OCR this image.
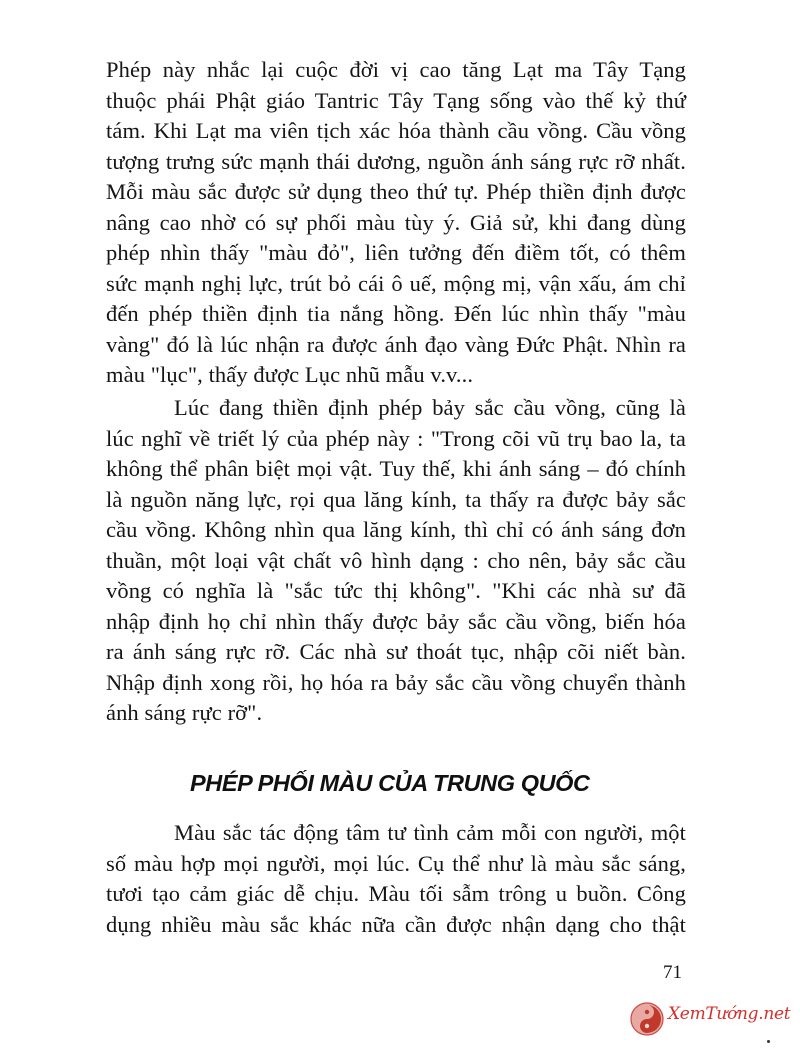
Phép này nhắc lại cuộc đời vị cao tăng Lạt ma Tây Tạng
thuộc phái Phật giáo Tantric Tây Tạng sống vào thế kỷ thứ
tám. Khi Lạt ma viên tịch xác hóa thành cầu vồng. Cầu vồng
tượng trưng sức mạnh thái dương, nguồn ánh sáng rực rỡ nhất.
Mỗi màu sắc được sử dụng theo thứ tự. Phép thiền định được
nâng cao nhờ có sự phối màu tùy ý. Giả sử, khi đang dùng
phép nhìn thấy "màu đỏ", liên tưởng đến điềm tốt, có thêm
sức mạnh nghị lực, trút bỏ cái ô uế, mộng mị, vận xấu, ám chỉ
đến phép thiền định tia nắng hồng. Đến lúc nhìn thấy "màu
vàng" đó là lúc nhận ra được ánh đạo vàng Đức Phật. Nhìn ra
màu "lục", thấy được Lục nhũ mẫu v.v...
Lúc đang thiền định phép bảy sắc cầu vồng, cũng là
lúc nghĩ về triết lý của phép này : "Trong cõi vũ trụ bao la, ta
không thể phân biệt mọi vật. Tuy thế, khi ánh sáng – đó chính
là nguồn năng lực, rọi qua lăng kính, ta thấy ra được bảy sắc
cầu vồng. Không nhìn qua lăng kính, thì chỉ có ánh sáng đơn
thuần, một loại vật chất vô hình dạng : cho nên, bảy sắc cầu
vồng có nghĩa là "sắc tức thị không". "Khi các nhà sư đã
nhập định họ chỉ nhìn thấy được bảy sắc cầu vồng, biến hóa
ra ánh sáng rực rỡ. Các nhà sư thoát tục, nhập cõi niết bàn.
Nhập định xong rồi, họ hóa ra bảy sắc cầu vồng chuyển thành
ánh sáng rực rỡ".
PHÉP PHỐI MÀU CỦA TRUNG QUỐC
Màu sắc tác động tâm tư tình cảm mỗi con người, một
số màu hợp mọi người, mọi lúc. Cụ thể như là màu sắc sáng,
tươi tạo cảm giác dễ chịu. Màu tối sẫm trông u buồn. Công
dụng nhiều màu sắc khác nữa cần được nhận dạng cho thật
71
XemTướng.net
